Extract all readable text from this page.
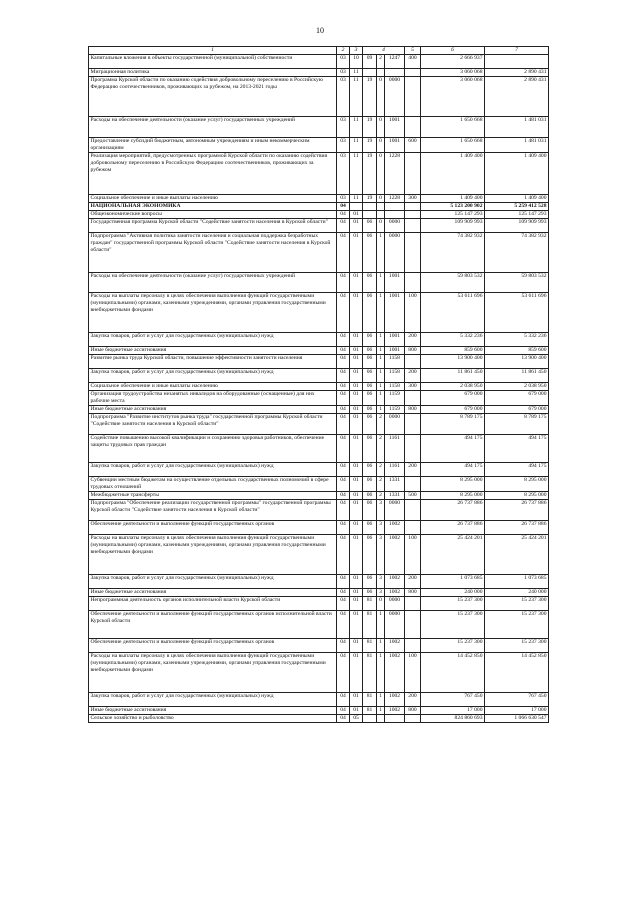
10
1	2	3	4			5	6	7
Капитальные вложения в объекты государственной (муниципальной) собственности	03	10	09	2	1247	400	2 666 937	
Миграционная политика	03	11					3 060 068	2 890 431
Программа Курской области по оказанию содействия добровольному переселению в Российскую Федерацию соотечественников, проживающих за рубежом, на 2013-2021 годы	03	11	19	0	0000		3 060 068	2 890 431
Расходы на обеспечение деятельности (оказание услуг) государственных учреждений	03	11	19	0	1001		1 650 668	1 481 031
Предоставление субсидий бюджетным, автономным учреждениям и иным некоммерческим организациям	03	11	19	0	1001	600	1 650 668	1 481 031
Реализация мероприятий, предусмотренных программой Курской области по оказанию содействия добровольному переселению в Российскую Федерацию соотечественников, проживающих за рубежом	03	11	19	0	1228		1 409 400	1 409 400
Социальное обеспечение и иные выплаты населению	03	11	19	0	1228	300	1 409 400	1 409 400
НАЦИОНАЛЬНАЯ ЭКОНОМИКА	04						5 123 200 902	5 259 412 528
Общеэкономические вопросы	04	01					125 147 293	125 147 293
Государственная программа Курской области "Содействие занятости населения в Курской области"	04	01	06	0	0000		109 909 993	109 909 993
Подпрограмма "Активная политика занятости населения и социальная поддержка безработных граждан" государственной программы Курской области "Содействие занятости населения в Курской области"	04	01	06	1	0000		74 382 932	74 382 932
Расходы на обеспечение деятельности (оказание услуг) государственных учреждений	04	01	06	1	1001		59 803 532	59 803 532
Расходы на выплаты персоналу в целях обеспечения выполнения функций государственными (муниципальными) органами, казенными учреждениями, органами управления государственными внебюджетными фондами	04	01	06	1	1001	100	53 611 696	53 611 696
Закупка товаров, работ и услуг для государственных (муниципальных) нужд	04	01	06	1	1001	200	5 332 236	5 332 236
Иные бюджетные ассигнования	04	01	06	1	1001	800	859 600	859 600
Развитие рынка труда Курской области, повышение эффективности занятости населения	04	01	06	1	1158		13 900 400	13 900 400
Закупка товаров, работ и услуг для государственных (муниципальных) нужд	04	01	06	1	1158	200	11 861 450	11 861 450
Социальное обеспечение и иные выплаты населению	04	01	06	1	1158	300	2 038 950	2 038 950
Организация трудоустройства незанятых инвалидов на оборудованные (оснащенные) для них рабочие места	04	01	06	1	1159		679 000	679 000
Иные бюджетные ассигнования	04	01	06	1	1159	800	679 000	679 000
Подпрограмма "Развитие институтов рынка труда" государственной программы Курской области "Содействие занятости населения в Курской области"	04	01	06	2	0000		8 789 175	8 789 175
Содействие повышению высокой квалификации и сохранению здоровья работников, обеспечение защиты трудовых прав граждан	04	01	06	2	1161		494 175	494 175
Закупка товаров, работ и услуг для государственных (муниципальных) нужд	04	01	06	2	1161	200	494 175	494 175
Субвенции местным бюджетам на осуществление отдельных государственных полномочий в сфере трудовых отношений	04	01	06	2	1331		8 295 000	8 295 000
Межбюджетные трансферты	04	01	06	2	1331	500	8 295 000	8 295 000
Подпрограмма "Обеспечение реализации государственной программы" государственной программы Курской области "Содействие занятости населения в Курской области"	04	01	06	3	0000		26 737 886	26 737 886
Обеспечение деятельности и выполнение функций государственных органов	04	01	06	3	1002		26 737 886	26 737 886
Расходы на выплаты персоналу в целях обеспечения выполнения функций государственными (муниципальными) органами, казенными учреждениями, органами управления государственными внебюджетными фондами	04	01	06	3	1002	100	25 424 201	25 424 201
Закупка товаров, работ и услуг для государственных (муниципальных) нужд	04	01	06	3	1002	200	1 073 685	1 073 685
Иные бюджетные ассигнования	04	01	06	3	1002	800	240 000	240 000
Непрограммная деятельность органов исполнительной власти Курской области	04	01	81	0	0000		15 237 300	15 237 300
Обеспечение деятельности и выполнение функций государственных органов исполнительной власти Курской области	04	01	81	1	0000		15 237 300	15 237 300
Обеспечение деятельности и выполнение функций государственных органов	04	01	81	1	1002		15 237 300	15 237 300
Расходы на выплаты персоналу в целях обеспечения выполнения функций государственными (муниципальными) органами, казенными учреждениями, органами управления государственными внебюджетными фондами	04	01	81	1	1002	100	14 452 850	14 452 850
Закупка товаров, работ и услуг для государственных (муниципальных) нужд	04	01	81	1	1002	200	767 450	767 450
Иные бюджетные ассигнования	04	01	81	1	1002	800	17 000	17 000
Сельское хозяйство и рыболовство	04	05					824 860 693	1 066 630 547
